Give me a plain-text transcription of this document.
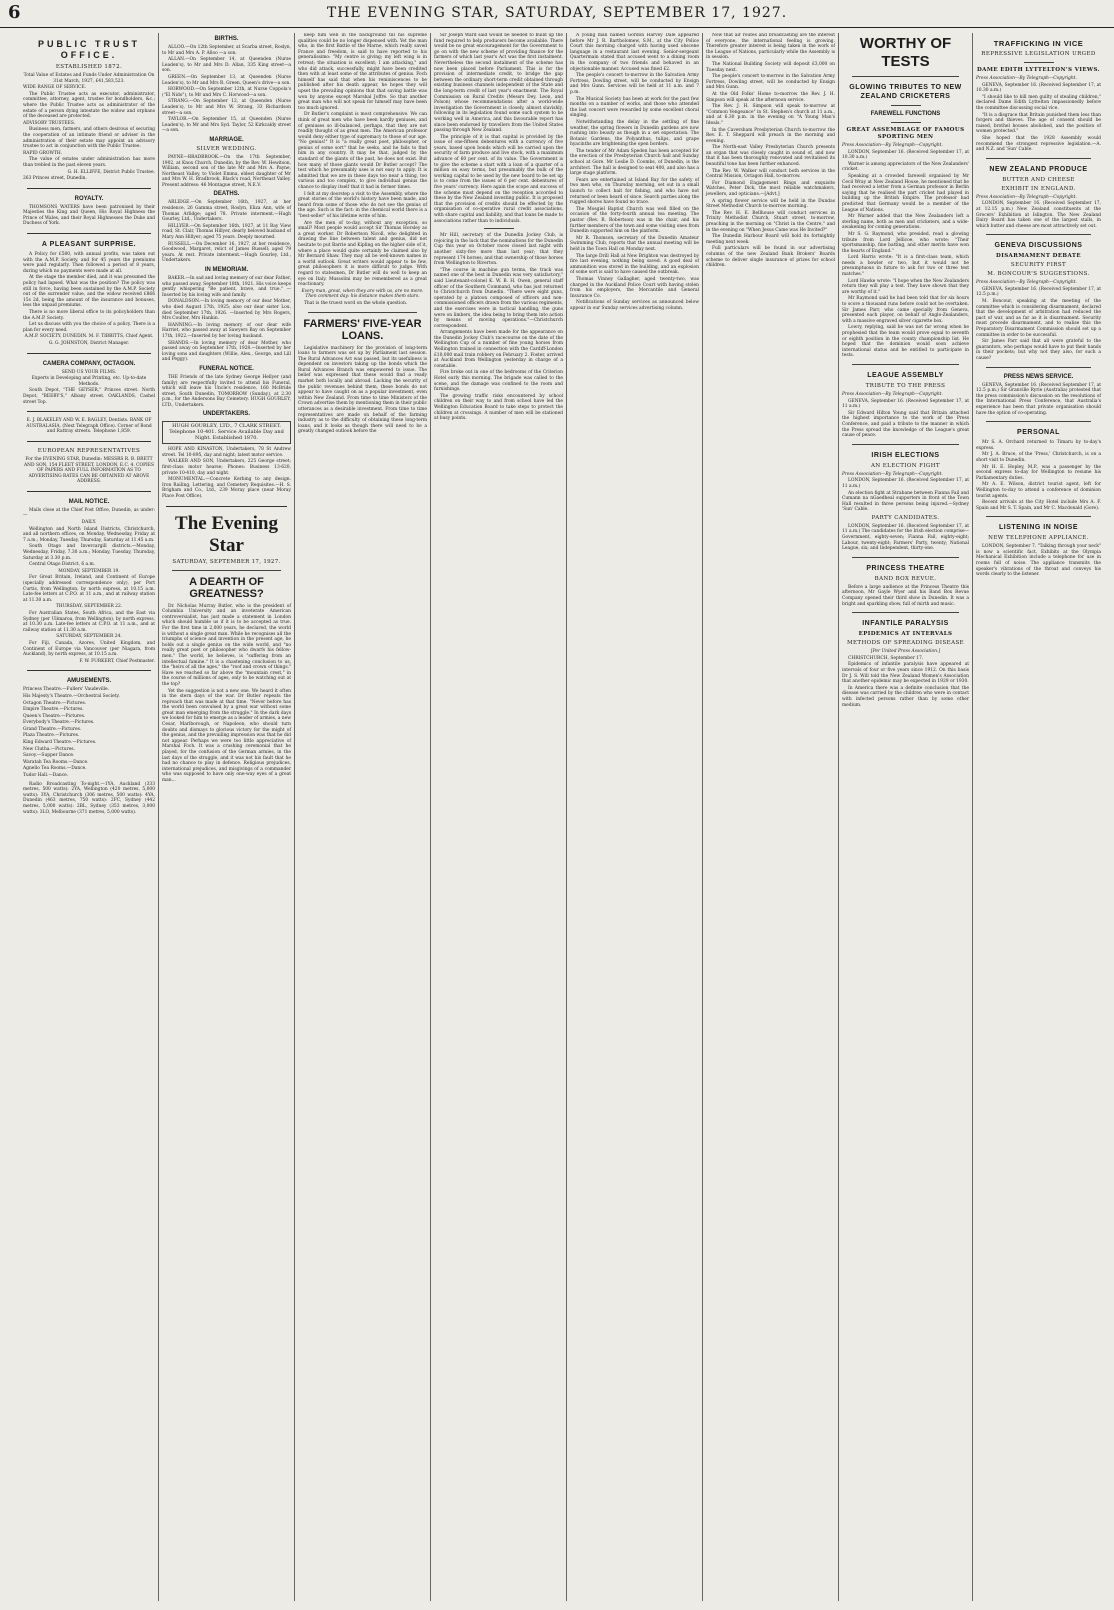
6	THE EVENING STAR, SATURDAY, SEPTEMBER 17, 1927.
PUBLIC TRUST OFFICE.
ESTABLISHED 1872.
Total Value of Estates and Funds Under Administration On 31st March, 1927, £41,583,523.
WIDE RANGE OF SERVICE.
The Public Trustee acts as executor, administrator, committee, attorney, agent, trustee for bondholders, &c.; where the Public Trustee acts as administrator of the estate of a person dying intestate the widow and orphans of the deceased are protected.
ADVISORY TRUSTEES.
Business men, farmers, and others desirous of securing the cooperation of an intimate friend or adviser in the administration of their estate may appoint an advisory trustee to act in conjunction with the Public Trustee.
RAPID GROWTH.
The value of estates under administration has more than trebled in the past eleven years.
G. H. ELLIFFE, District Public Trustee.
263 Princes street, Dunedin.
ROYALTY.
THOMSONS WATERS have been patronised by their Majesties the King and Queen, His Royal Highness the Prince of Wales, and their Royal Highnesses the Duke and Duchess of York.
A PLEASANT SURPRISE.
A Policy for £500, with annual profits, was taken out with the A.M.P. Society, and for 45 years the premiums were paid regularly. Then followed a period of 8 years, during which no payments were made at all.
At the stage the member died, and it was presumed the policy had lapsed. What was the position? The policy was still in force, having been sustained by the A.M.P. Society out of the surrender value, and the widow received £866 15s 2d, being the amount of the insurance and bonuses, less the unpaid premiums.
There is no more liberal office to its policyholders than the A.M.P. Society.
Let us discuss with you the choice of a policy. There is a plan for every need.
A.M.P. SOCIETY, DUNEDIN. M. F. TIBBITTS, Chief Agent.
G. G. JOHNSTON, District Manager.
CAMERA COMPANY, OCTAGON.
SEND US YOUR FILMS.
Experts in Developing and Printing, etc. Up-to-date Methods.
South Depot, "THE GEYSER," Princes street. North Depot, "BEEBY'S," Albany street. OAKLANDS, Cashel street Top.
E. J. BLAKELEY AND W. E. BAGLEY, Dentists. BANK OF AUSTRALASIA, (Next Telegraph Office). Corner of Bond and Rattray streets. Telephone 1,859.
EUROPEAN REPRESENTATIVES
For the EVENING STAR, Dunedin: MESSRS R. B. BRETT AND SON, 154 FLEET STREET, LONDON, E.C. 4. COPIES OF PAPERS AND FULL INFORMATION AS TO ADVERTISING RATES CAN BE OBTAINED AT ABOVE ADDRESS.
MAIL NOTICE.
Mails close at the Chief Post Office, Dunedin, as under:—
DAILY.
Wellington and North Island Districts, Christchurch, and all northern offices, on Monday, Wednesday, Friday at 7 a.m.; Monday, Tuesday, Thursday, Saturday at 11.45 a.m.
South Otago and Invercargill districts.—Monday, Wednesday, Friday, 7.30 a.m.; Monday, Tuesday, Thursday, Saturday at 3.30 p.m.
Central Otago District, 6 a.m.
MONDAY, SEPTEMBER 19.
For Great Britain, Ireland, and Continent of Europe (specially addressed correspondence only), per Port Curtis, from Wellington, by north express, at 10.15 a.m. Late-fee letters at C.P.O. at 11 a.m., and at railway station at 11.30 a.m.
THURSDAY, SEPTEMBER 22.
For Australian States, South Africa, and the East via Sydney (per Ulimaroa, from Wellington), by north express, at 10.30 a.m. Late-fee letters at C.P.O. at 11 a.m., and at railway station at 11.30 a.m.
SATURDAY, SEPTEMBER 24.
For Fiji, Canada, Azores, United Kingdom, and Continent of Europe via Vancouver (per Niagara, from Auckland), by north express, at 10.15 a.m.
F. W. FURKERT, Chief Postmaster.
AMUSEMENTS.
Princess Theatre.—Fullers' Vaudeville.
His Majesty's Theatre.—Orchestral Society.
Octagon Theatre.—Pictures.
Empire Theatre.—Pictures.
Queen's Theatre.—Pictures.
Everybody's Theatre.—Pictures.
Grand Theatre.—Pictures.
Plaza Theatre.—Pictures.
King Edward Theatre.—Pictures.
New Clutha.—Pictures.
Savoy.—Supper Dance.
Waratah Tea Rooms.—Dance.
Agnello Tea Rooms.—Dance.
Tudor Hall.—Dance.
Radio Broadcasting To-night.—1YA, Auckland (333 metres, 500 watts): 2YA, Wellington (420 metres, 5,000 watts): 3YA, Christchurch (306 metres, 500 watts): 4YA, Dunedin (463 metres, 750 watts): 2FC, Sydney (442 metres, 5,000 watts): 2BL, Sydney (353 metres, 3,000 watts): 3LO, Melbourne (371 metres, 5,000 watts).
BIRTHS.
ALLOO.—On 12th September, at Scarba street, Roslyn, to Mr and Mrs A. P. Alloo —a son.
ALLAN.—On September 14, at Queenden (Nurse Leaden's), to Mr and Mrs D. Allan, 335 King street—a son.
GREEN.—On September 13, at Queenden (Nurse Leaden's), to Mr and Mrs R. Green, Queen's drive—a son.
HORWOOD.—On September 12th, at Nurse Coppola's ("El Nido"), to Mr and Mrs C. Horwood—a son.
STRANG.—On September 12, at Queenden (Nurse Leaden's), to Mr and Mrs W. Strang, 33 Richardson street—a son.
TAYLOR.—On September 15, at Queenden (Nurse Leaden's), to Mr and Mrs Syd. Taylor, 52 Kirkcaldy street—a son.
MARRIAGE.
SILVER WEDDING.
PAYNE—BRADBROOK.—On the 17th September, 1902, at Knox Church, Dunedin, by the Rev. W. Hewitson, William, second son of the late Mr and Mrs A. Payne, Northeast Valley, to Violet Emma, eldest daughter of Mr and Mrs W. H. Bradbrook, Black's road, Northeast Valley. Present address: 46 Montague street, N.E.V.
DEATHS.
ARLIDGE.—On September 16th, 1927, at her residence, 26 Gamma street, Roslyn, Eliza Ann, wife of Thomas Arlidge; aged 78. Private interment.—Hugh Gourley, Ltd., Undertakers.
HILLYER.—On September 16th, 1927, at 11 Bay View road, St. Clair, Thomas Hillyer, dearly beloved husband of Mary Ann Hillyer; aged 75 years. Deeply mourned.
RUSSELL.—On December 16, 1927, at her residence, Goodwood, Margaret, relict of James Russell; aged 79 years. At rest. Private interment.—Hugh Gourley, Ltd., Undertakers.
IN MEMORIAM.
BAKER.—In sad and loving memory of our dear Father, who passed away, September 18th, 1921. His voice keeps gently whispering "Be patient, brave, and true." —Inserted by his loving wife and family.
DONALDSON.—In loving memory of our dear Mother, who died August 17th, 1925; also our dear sister Lou, died September 17th, 1926. —Inserted by Mrs Rogers, Mrs Coulter, Mrs Hankin.
HANNING.—In loving memory of our dear wife Harriet, who passed away at Sawyers Bay on September 17th, 1922.—Inserted by her loving husband.
SHANDS.—In loving memory of dear Mother, who passed away on September 17th, 1928.—Inserted by her loving sons and daughters (Willie, Alex., George, and Lill and Peggy).
FUNERAL NOTICE.
THE Friends of the late Sydney George Hellyer (and family) are respectfully invited to attend his Funeral, which will leave his Uncle's residence, 160 McBride street, South Dunedin, TOMORROW (Sunday), at 2.30 p.m., for the Andersons Bay Cemetery. HUGH GOURLEY, LTD., Undertakers.
UNDERTAKERS.
HUGH GOURLEY, LTD., 7 CLARK STREET. Telephone 10-401. Service Available Day and Night. Established 1870.
HOPE AND KINASTON, Undertakers, 78 St Andrew street. Tel 10-895, day and night; latest motor service.
WALKER AND SON, Undertakers, 225 George street; first-class motor hearse; Phones: Business 13-620, private 10-410, day and night.
MONUMENTAL.—Concrete Kerbing to any design. Iron Railing, Lettering, and Cemetery Requisites.—H. S. Brigham and Co., Ltd., 239 Moray place (near Moray Place Post Office).
The Evening Star
SATURDAY, SEPTEMBER 17, 1927.
A DEARTH OF GREATNESS?
Dr. Nicholas Murray Butler, who is the president of Columbia University and an inveterate American controversialist, has just made a statement in London which should humble us if it is to be accepted as true. For the first time in 2,000 years, he declared, the world is without a single great man. While he recognises all the triumphs of science and invention in the present age, he holds out a single genius on the wide world, and "no really great poet or philosopher who dwarfs his fellow-men." The world, he believes, is "suffering from an intellectual famine." It is a chastening conclusion to us, the "heirs of all the ages," the "roof and crown of things." Have we reached so far above the "mountain crest," in the course of millions of ages, only to be watching out at the top?
Yet the suggestion is not a new one. We heard it often in the stern days of the war. Dr Butler repeats the reproach that was made at that time. "Never before has the world been convulsed by a great war without some great man emerging from the struggle." In the dark days we looked for him to emerge as a leader of armies, a new Cesar, Marlborough, or Napoleon, who should turn doubts and dismays to glorious victory for the might of the genius, and the prevailing impression was that he did not appear. Perhaps we were too little appreciative of Marshal Foch. It was a crushing ceremonial that he played, for the confusion of the German armies, in the last days of the struggle, and it was not his fault that he had no chance to play in defence. Religious prejudices, international prejudices, and misgivings of a commander who was supposed to have only one-way eyes of a great man...
keep him well in the background till his supreme qualities could be no longer dispensed with. Yet the man who, in the first Battle of the Marne, which really saved France and freedom, is said to have reported to his generalissimo: "My centre is giving; my left wing is in retreat; the situation is excellent; I am attacking," and who did attack, successfully, might have been credited then with at least some of the attributes of genius. Foch himself has said that when his reminiscences to be published after his death appear, he hopes they will upset the prevailing opinions that that saving battle was won by anyone except Marshal Joffre. So that another great man who will not speak for himself may have been too much ignored.
Dr Butler's complaint is most comprehensive. We can think of great men who have been hardly geniuses, and of geniuses so ill-balanced, perhaps, that they are not readily thought of as great men. The American professor would deny either type of supremacy to those of our age. "No genius!" It is "a really great poet, philosopher, or genius of some sort" that he seeks, and he fails to find him in any country. It may be that, judged by the standard of the giants of the past, he does not exist. But how many of those giants would Dr Butler accept? The test which he presumably uses is not easy to apply. It is admitted that we are in these days too near a thing, too various and too complex, to give individual genius the chance to display itself that it had in former times.
I felt at my doorstep a visit to the Assembly, where the great stories of the world's history have been made, and heard from some of those who do not see the genius of the age. Such is the fact: in the chemical world there is a "best-seller" of his lifetime write of him.
Are the men of to-day, without any exception, so small? Most people would accept Sir Thomas Horsley as a great worker. Dr Robertson Nicoll, who delighted in drawing the line between talent and genius, did not hesitate to put Barrie and Kipling on the higher side of it, where a place would quite certainly be claimed also by Mr Bernard Shaw. They may all be well-known names in a world outlook. Great writers would appear to be few, great philosophers it is more difficult to judge. With regard to statesmen, Dr Butler will do well to keep an eye on Italy. Mussolini may be remembered as a great reactionary.
Every man, great, when they are with us, are no more. Then comment day: his distance makes them stars.
That is the truest word on the whole question.
FARMERS' FIVE-YEAR LOANS.
Legislative machinery for the provision of long-term loans to farmers was set up by Parliament last session. The Rural Advances Act was passed, but its usefulness is dependent on investors taking up the bonds which the Rural Advances Branch was empowered to issue. The belief was expressed that these would find a ready market both locally and abroad. Lacking the security of the public revenues behind them, these bonds do not appear to have caught on as a popular investment, even within New Zealand. From time to time Ministers of the Crown advertise them by mentioning them in their public utterances as a desirable investment. From time to time representatives are made on behalf of the farming industry as to the difficulty of obtaining these long-term loans, and it looks as though there will need to be a greatly changed outlook before the
Sir Joseph Ward said would be needed to build up the fund required to help producers become available. There would be no great encouragement for the Government to go on with the new scheme of providing finance for the farmers of which last year's Act was the first instalment. Nevertheless the second instalment of the scheme has now been placed before Parliament. This is for the provision of intermediate credit, to bridge the gap between the ordinary short-term credit obtained through existing business channels independent of the State and the long-term credit of last year's enactment. The Royal Commission on Rural Credits (Messrs Dey, Leon, and Polson) whose recommendations after a world-wide investigation the Government is closely, almost slavishly, following in its legislation found some such system to be working well in America, and this favourable report has since been endorsed by travellers from the United States passing through New Zealand.
The principle of it is that capital is provided by the issue of one-fifteen debentures with a currency of five years, based upon bonds which will be carried upon the security of farm produce and live stock, with a maximum advance of 60 per cent. of its value. The Government is to give the scheme a start with a loan of a quarter of a million on easy terms, but presumably the bulk of the working capital to be used by the new board to be set up is to come from the issues of 6 per cent. debentures of five years' currency. Here again the scope and success of the scheme must depend on the reception accorded to these by the New Zealand investing public. It is proposed that the provision of credits should be effected by the organisation of co-operative rural credit associations, with share capital and liability, and that loans be made to associations rather than to individuals.
Mr Hill, secretary of the Dunedin Jockey Club, is rejoicing in the luck that the nominations for the Dunedin Cup this year on October races closed last night with another sixty-five more than last year; that they represent 174 horses; and that ownership of those horses from Wellington to Riverton.
"The course in machine gun terms, the track was named one of the best in Dunedin was very satisfactory," said Lieutenant-colonel K. W. B. H. Owen, general staff officer of the Southern Command, who has just returned to Christchurch from Dunedin. "There were eight guns, operated by a platoon composed of officers and non-commissioned officers drawn from the various regiments, and the exercises were in tactical handling, the guns were on limbers, the idea being to bring them into action by means of moving operations."—Christchurch correspondent.
Arrangements have been made for the appearance on the Dunedin Jockey Club's racecourse on the date of the Wellington Cup of a number of fine young horses from Wellington trained in connection with the Cardiff-London £10,000 mail train robbery on February 2. Foster, arrived at Auckland from Wellington yesterday in charge of a constable.
Fire broke out in one of the bedrooms of the Criterion Hotel early this morning. The brigade was called to the scene, and the damage was confined to the room and furnishings.
The growing traffic risks encountered by school children on their way to and from school have led the Wellington Education Board to take steps to protect the children at crossings. A number of men will be stationed at busy points.
A young man named Gordon Harvey Dale appeared before Mr J. R. Bartholomew, S.M., at the City Police Court this morning charged with having used obscene language in a restaurant last evening. Senior-sergeant Quartermain stated that accused went to a dining room in the company of two friends and behaved in an objectionable manner. Accused was fined £2.
The people's concert to-morrow in the Salvation Army Fortress, Dowling street, will be conducted by Ensign and Mrs Gunn. Services will be held at 11 a.m. and 7 p.m.
The Musical Society has been at work for the past few months on a number of works, and those who attended the last concert were rewarded by some excellent choral singing.
Notwithstanding the delay in the settling of fine weather, the spring flowers in Dunedin gardens are now rushing into beauty as though in a set expectation. The Botanic Gardens, the Polyanthus, tulips, and grape hyacinths are brightening the open borders.
The tender of Mr Adam Speden has been accepted for the erection of the Presbyterian Church hall and Sunday school at Gore. Mr Leslie D. Coombs, of Dunedin, is the architect. The hall is designed to seat 400, and also has a large stage platform.
Fears are entertained at Island Bay for the safety of two men who, on Thursday morning, set out in a small launch to collect bait for fishing, and who have not returned or been heard of since. Search parties along the rugged shores have found no trace.
The Mosgiel Baptist Church was well filled on the occasion of the forty-fourth annual tea meeting. The pastor (Rev. R. Robertson) was in the chair, and his further members of the town and some visiting ones from Dunedin supported him on the platform.
Mr R. Thomson, secretary of the Dunedin Amateur Swimming Club, reports that the annual meeting will be held in the Town Hall on Monday next.
The large Drill Hall at New Brighton was destroyed by fire last evening, nothing being saved. A good deal of ammunition was stored in the building, and an explosion of some sort is said to have caused the outbreak.
Thomas Vinney Gallagher, aged twenty-two, was charged in the Auckland Police Court with having stolen from his employers, the Mercantile and General Insurance Co.
Notifications of Sunday services as announced below appear in our Sunday services advertising column.
Now that air routes and broadcasting are the interest of everyone, the international feeling is growing. Therefore greater interest is being taken in the work of the League of Nations, particularly while the Assembly is in session.
The National Building Society will deposit £3,000 on Tuesday next.
The people's concert to-morrow in the Salvation Army Fortress, Dowling street, will be conducted by Ensign and Mrs Gunn.
At the Old Folks' Home to-morrow the Rev. J. H. Simpson will speak at the afternoon service.
The Rev. J. H. Simpson will speak to-morrow at "Common Vengeance" in St. Stephen's church at 11 a.m., and at 6.30 p.m. in the evening on "A Young Man's Ideals."
In the Caversham Presbyterian Church to-morrow the Rev. E. T. Sheppard will preach in the morning and evening.
The North-east Valley Presbyterian Church presents an organ that was closely caught in sound of, and now that it has been thoroughly renovated and revitalised its beautiful tone has been further enhanced.
The Rev. W. Walker will conduct both services in the Central Mission, Octagon Hall, to-morrow.
For Diamond Engagement Rings and exquisite Watches, Peter Dick, the most reliable watchmakers, jewellers, and opticians.—[Advt.]
A spring flower service will be held in the Dundas Street Methodist Church to-morrow morning.
The Rev. H. E. Bellhouse will conduct services in Trinity Methodist Church, Stuart street, to-morrow, preaching in the morning on "Christ in the Centre," and in the evening on "When Jesus Came was He Invited?"
The Dunedin Harbour Board will hold its fortnightly meeting next week.
Full particulars will be found in our advertising columns of the new Zealand Bank Brokers' Boards scheme to deliver single insurance of prizes for school children.
WORTHY OF TESTS
GLOWING TRIBUTES TO NEW ZEALAND CRICKETERS
FAREWELL FUNCTIONS
GREAT ASSEMBLAGE OF FAMOUS SPORTING MEN
Press Association—By Telegraph—Copyright.
LONDON, September 16. (Received September 17, at 10.30 a.m.)
Warner is among appreciators of the New Zealanders' cricket.
Speaking at a crowded farewell organised by Mr Cecil Wray at New Zealand House, he mentioned that he had received a letter from a German professor in Berlin saying that he realised the part cricket had played in building up the British Empire. The professor had predicted that Germany would be a member of the League of Nations.
Mr Warner added that the New Zealanders left a sterling name, both as men and cricketers, and a wide-awakening for coming generations.
Mr S. G. Raymond, who presided, read a glowing tribute from Lord Jellicoe, who wrote: "Their sportsmanship, fine batting, and other merits have won the hearts of England."
Lord Harris wrote: "It is a first-class team, which needs a bowler or two, but it would not be presumptuous in future to ask for two or three test matches."
Lord Hawke wrote: "I hope when the New Zealanders return they will play a test. They have shown that they are worthy of it."
Mr Raymond said he had been told that for six hours to score a thousand runs before could not be overtaken. Sir James Parr, who came specially from Geneva, presented each player, on behalf of Anglo-Zealanders, with a massive engraved silver cigarette box.
Lowry, replying, said he was not far wrong when he prophesied that the team would prove equal to seventh or eighth position in the county championship list. He hoped that the dominion would soon achieve international status and be entitled to participate in tests.
LEAGUE ASSEMBLY
TRIBUTE TO THE PRESS
Press Association—By Telegraph—Copyright.
GENEVA, September 16. (Received September 17, at 11 a.m.)
Sir Edward Hilton Young said that Britain attached the highest importance to the work of the Press Conference, and paid a tribute to the manner in which the Press spread the knowledge of the League's great cause of peace.
IRISH ELECTIONS
AN ELECTION FIGHT
Press Association—By Telegraph—Copyright.
LONDON, September 16. (Received September 17, at 11 a.m.)
An election fight at Strabane between Fianna Fail and Cumann na nGaedheal supporters in front of the Town Hall resulted in three persons being injured.—Sydney 'Sun' Cable.
PARTY CANDIDATES.
LONDON, September 16. (Received September 17, at 11 a.m.) The candidates for the Irish election comprise—Government, eighty-seven; Fianna Fail, eighty-eight; Labour, twenty-eight; Farmers' Party, twenty; National League, six; and Independent, thirty-one.
PRINCESS THEATRE
BAND BOX REVUE.
Before a large audience at the Princess Theatre this afternoon, Mr Gayle Wyer and his Band Box Revue Company opened their third show in Dunedin. It was a bright and sparkling show, full of mirth and music.
INFANTILE PARALYSIS
EPIDEMICS AT INTERVALS
METHODS OF SPREADING DISEASE
[Per United Press Association.]
CHRISTCHURCH, September 17.
Epidemics of infantile paralysis have appeared at intervals of four or five years since 1912. On this basis Dr J. S. Will told the New Zealand Women's Association that another epidemic may be expected in 1929 or 1930.
In America there was a definite conclusion that the disease was carried by the children who were in contact with infected persons rather than by some other medium.
TRAFFICKING IN VICE
REPRESSIVE LEGISLATION URGED
DAME EDITH LYTTELTON'S VIEWS.
Press Association—By Telegraph—Copyright.
GENEVA, September 16. (Received September 17, at 10.30 a.m.)
"I should like to kill men guilty of stealing children," declared Dame Edith Lyttelton impassionedly before the committee discussing social vice.
"It is a disgrace that Britain punished them less than forgers and thieves. The age of consent should be raised, brothel houses abolished, and the position of women protected."
She hoped that the 1928 Assembly would recommend the strongest repressive legislation.—A. and N.Z. and 'Sun' Cable.
NEW ZEALAND PRODUCE
BUTTER AND CHEESE
EXHIBIT IN ENGLAND.
Press Association—By Telegraph—Copyright.
LONDON, September 16. (Received September 17, at 12.15 p.m.) New Zealand constituents at the Grocers' Exhibition at Islington. The New Zealand Dairy Board has taken one of the largest stalls, in which butter and cheese are most attractively set out.
GENEVA DISCUSSIONS
DISARMAMENT DEBATE
SECURITY FIRST
M. BONCOUR'S SUGGESTIONS.
Press Association—By Telegraph—Copyright.
GENEVA, September 16. (Received September 17, at 12.5 p.m.)
M. Boncour, speaking at the meeting of the committee which is considering disarmament, declared that the development of arbitration had reduced the pact of war, and as far as it is disarmament. Security must precede disarmament, and to realise this the Preparatory Disarmament Commission should set up a committee in order to be successful.
Sir James Parr said that all were grateful to the guarantors, who perhaps would have to put their hands in their pockets; but why not they also, for such a cause?
PRESS NEWS SERVICE.
GENEVA, September 16. (Received September 17, at 12.5 p.m.) Sir Granville Ryrie (Australia) protested that the press commission's discussion on the resolutions of the International Press Conference, that Australia's experience has been that private organisation should have the option of co-operating.
PERSONAL
Mr S. A. Orchard returned to Timaru by to-day's express.
Mr J. A. Bruce, of the 'Press,' Christchurch, is on a short visit to Dunedin.
Mr H. E. Hopley, M.P., was a passenger by the second express to-day for Wellington to resume his Parliamentary duties.
Mr A. E. Wilson, district tourist agent, left for Wellington to-day to attend a conference of dominion tourist agents.
Recent arrivals at the City Hotel include Mrs A. F. Spain and Mr S. T. Spain, and Mr C. Macdonald (Gore).
LISTENING IN NOISE
NEW TELEPHONE APPLIANCE.
LONDON, September 7. "Talking through your neck" is now a scientific fact. Exhibits at the Olympia Mechanical Exhibition include a telephone for use in rooms full of noise. The appliance transmits the speaker's vibrations of the throat and conveys his words clearly to the listener.
